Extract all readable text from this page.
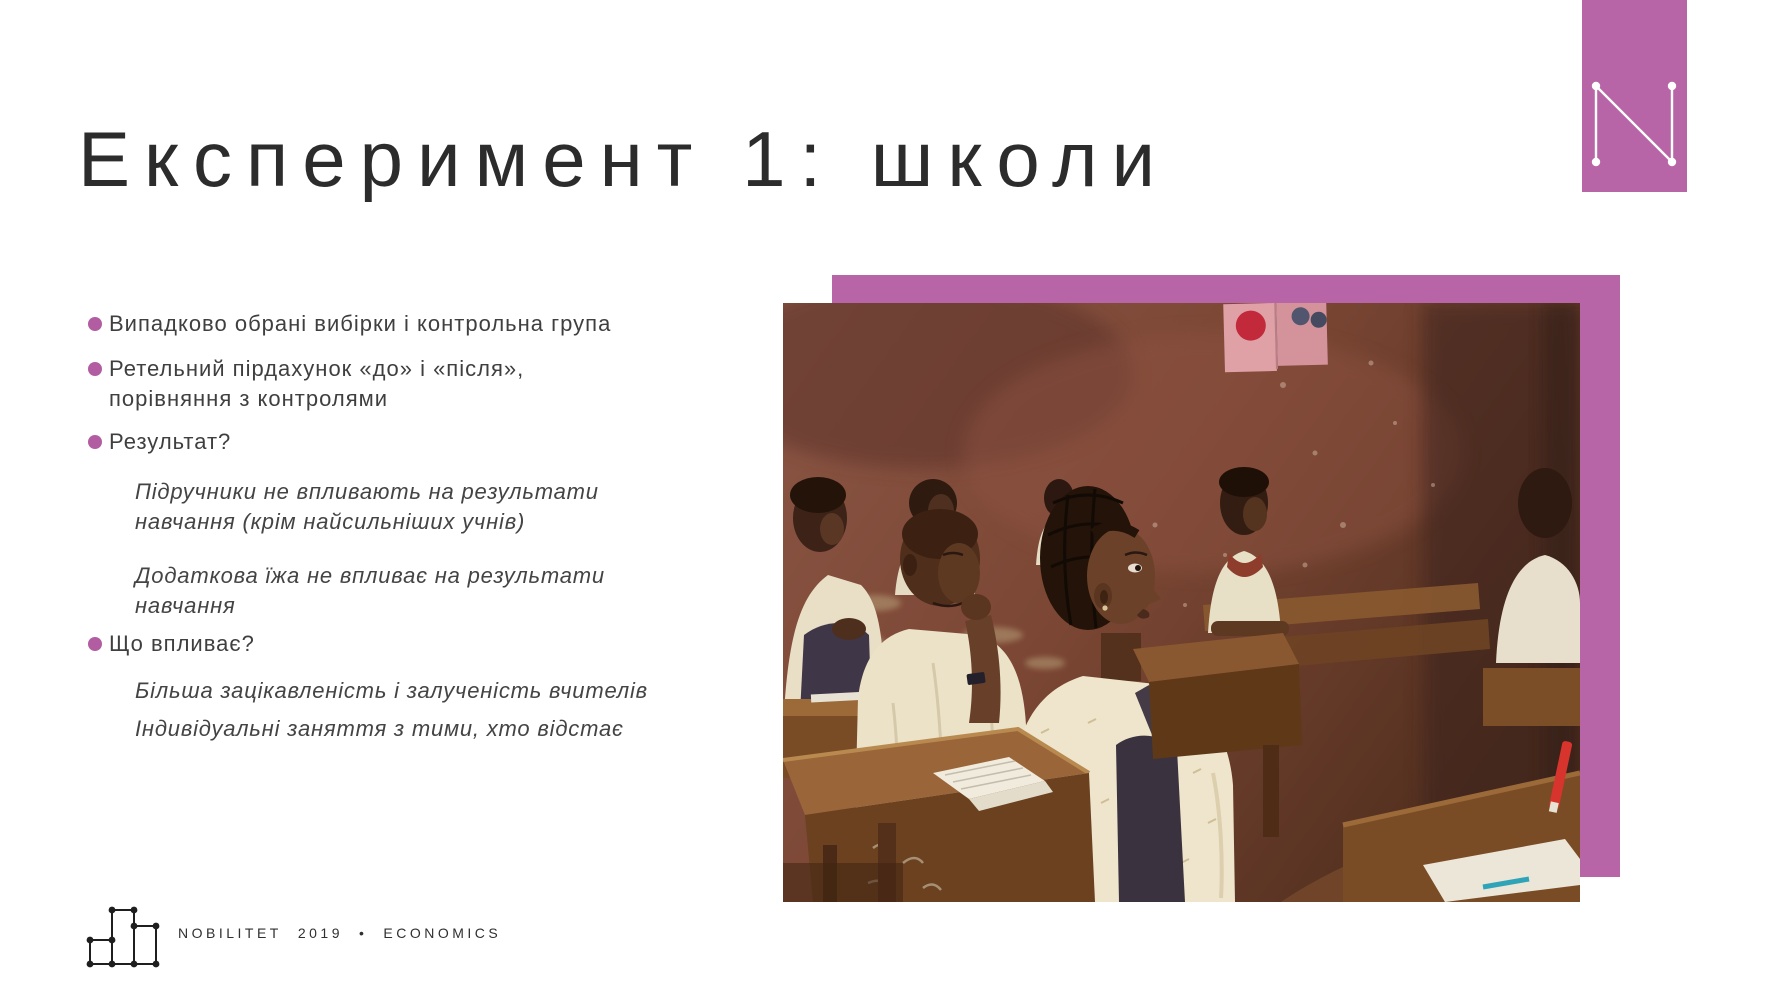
Експеримент 1: школи
Випадково обрані вибірки і контрольна група
Ретельний пірдахунок «до» і «після»,
порівняння з контролями
Результат?
Підручники не впливають на результати
навчання (крім найсильніших учнів)
Додаткова їжа не впливає на результати
навчання
Що впливає?
Більша зацікавленість і залученість вчителів
Індивідуальні заняття з тими, хто відстає
NOBILITET 2019 • ECONOMICS
